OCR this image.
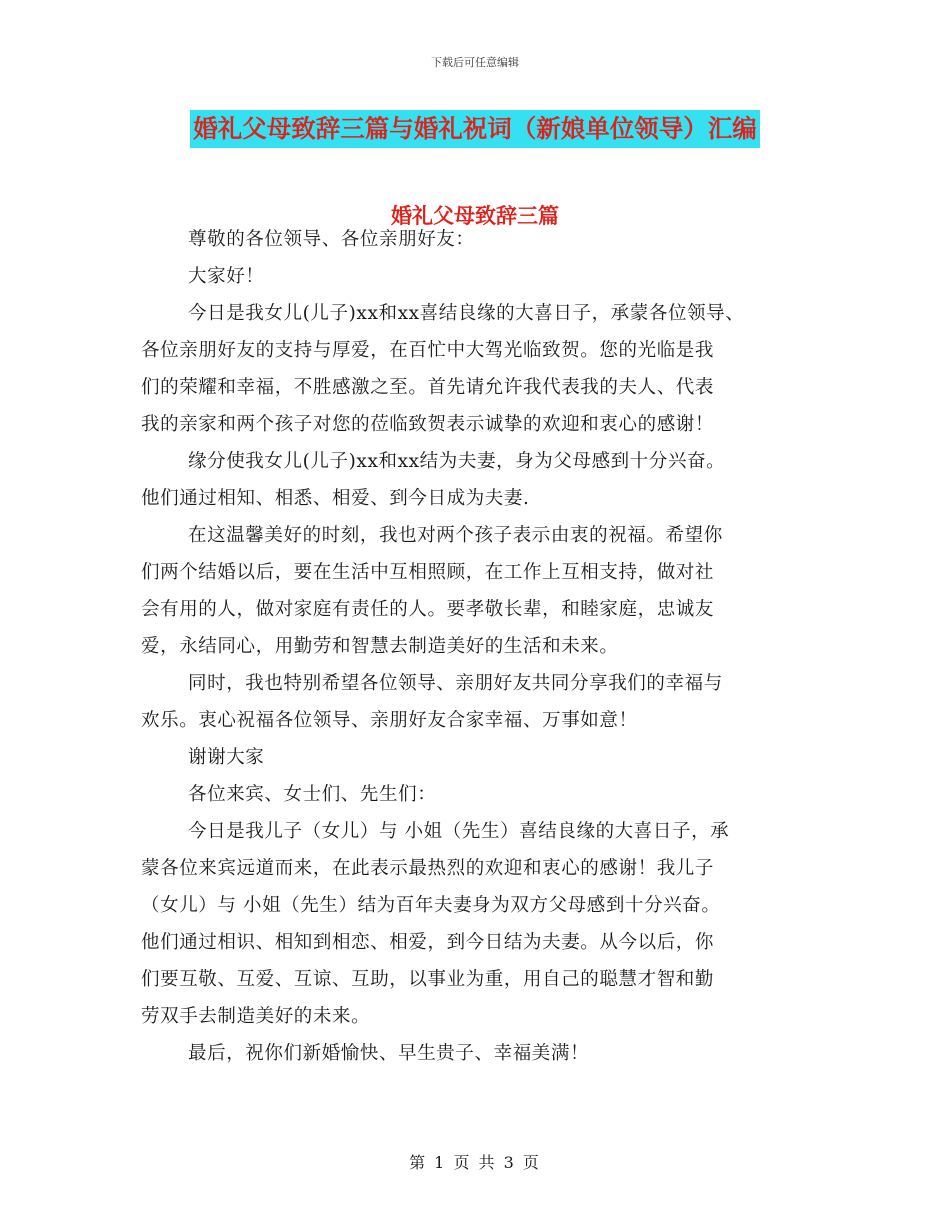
下载后可任意编辑
婚礼父母致辞三篇与婚礼祝词（新娘单位领导）汇编
婚礼父母致辞三篇
尊敬的各位领导、各位亲朋好友：
大家好！
今日是我女儿(儿子)xx和xx喜结良缘的大喜日子，承蒙各位领导、
各位亲朋好友的支持与厚爱，在百忙中大驾光临致贺。您的光临是我
们的荣耀和幸福，不胜感激之至。首先请允许我代表我的夫人、代表
我的亲家和两个孩子对您的莅临致贺表示诚挚的欢迎和衷心的感谢！
缘分使我女儿(儿子)xx和xx结为夫妻，身为父母感到十分兴奋。
他们通过相知、相悉、相爱、到今日成为夫妻.
在这温馨美好的时刻，我也对两个孩子表示由衷的祝福。希望你
们两个结婚以后，要在生活中互相照顾，在工作上互相支持，做对社
会有用的人，做对家庭有责任的人。要孝敬长辈，和睦家庭，忠诚友
爱，永结同心，用勤劳和智慧去制造美好的生活和未来。
同时，我也特别希望各位领导、亲朋好友共同分享我们的幸福与
欢乐。衷心祝福各位领导、亲朋好友合家幸福、万事如意！
谢谢大家
各位来宾、女士们、先生们：
今日是我儿子（女儿）与 小姐（先生）喜结良缘的大喜日子，承
蒙各位来宾远道而来，在此表示最热烈的欢迎和衷心的感谢！我儿子
（女儿）与 小姐（先生）结为百年夫妻身为双方父母感到十分兴奋。
他们通过相识、相知到相恋、相爱，到今日结为夫妻。从今以后，你
们要互敬、互爱、互谅、互助，以事业为重，用自己的聪慧才智和勤
劳双手去制造美好的未来。
最后，祝你们新婚愉快、早生贵子、幸福美满！
第 1 页 共 3 页
